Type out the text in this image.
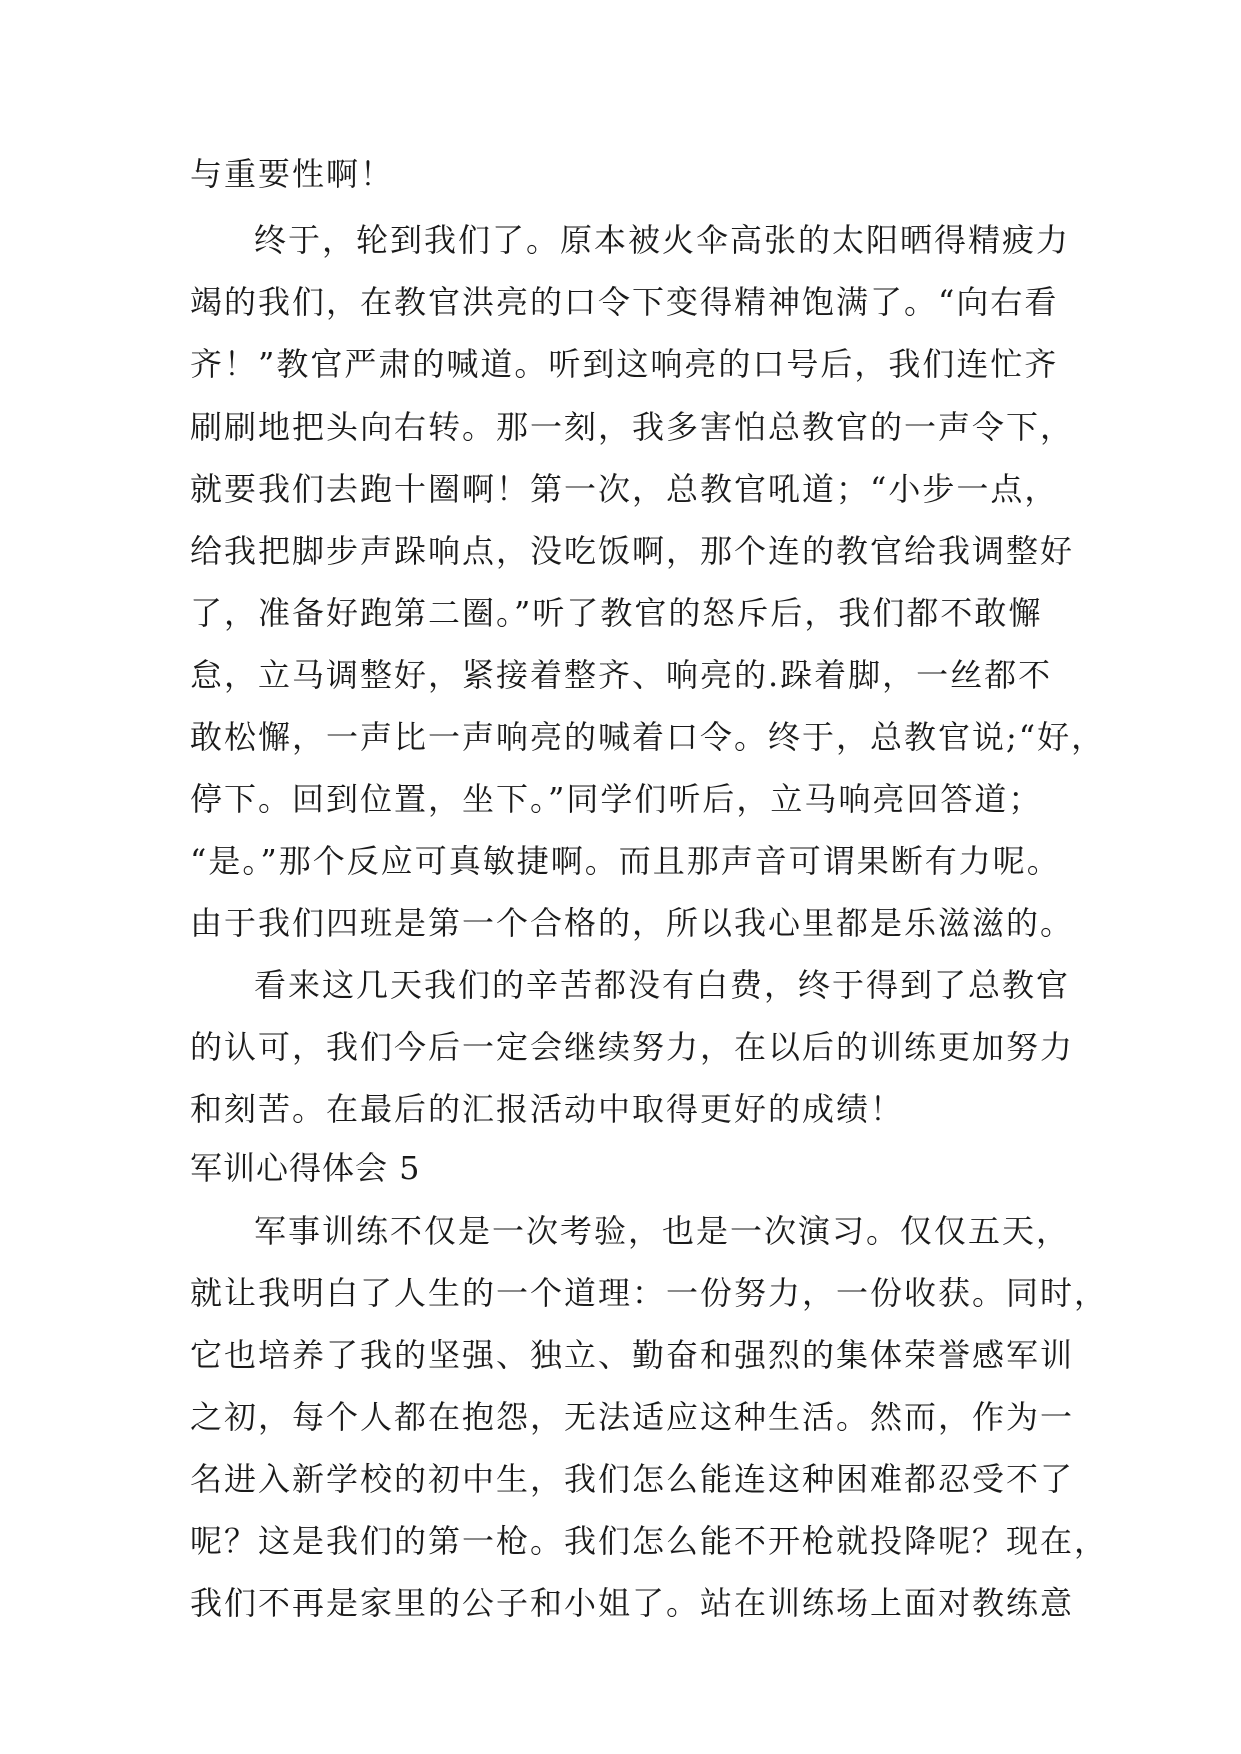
与重要性啊！
终于，轮到我们了。原本被火伞高张的太阳晒得精疲力
竭的我们，在教官洪亮的口令下变得精神饱满了。“向右看
齐！”教官严肃的喊道。听到这响亮的口号后，我们连忙齐
刷刷地把头向右转。那一刻，我多害怕总教官的一声令下，
就要我们去跑十圈啊！第一次，总教官吼道；“小步一点，
给我把脚步声跺响点，没吃饭啊，那个连的教官给我调整好
了，准备好跑第二圈。”听了教官的怒斥后，我们都不敢懈
怠，立马调整好，紧接着整齐、响亮的.跺着脚，一丝都不
敢松懈，一声比一声响亮的喊着口令。终于，总教官说;“好，
停下。回到位置，坐下。”同学们听后，立马响亮回答道；
“是。”那个反应可真敏捷啊。而且那声音可谓果断有力呢。
由于我们四班是第一个合格的，所以我心里都是乐滋滋的。
看来这几天我们的辛苦都没有白费，终于得到了总教官
的认可，我们今后一定会继续努力，在以后的训练更加努力
和刻苦。在最后的汇报活动中取得更好的成绩！
军训心得体会 5
军事训练不仅是一次考验，也是一次演习。仅仅五天，
就让我明白了人生的一个道理：一份努力，一份收获。同时，
它也培养了我的坚强、独立、勤奋和强烈的集体荣誉感军训
之初，每个人都在抱怨，无法适应这种生活。然而，作为一
名进入新学校的初中生，我们怎么能连这种困难都忍受不了
呢？这是我们的第一枪。我们怎么能不开枪就投降呢？现在，
我们不再是家里的公子和小姐了。站在训练场上面对教练意
